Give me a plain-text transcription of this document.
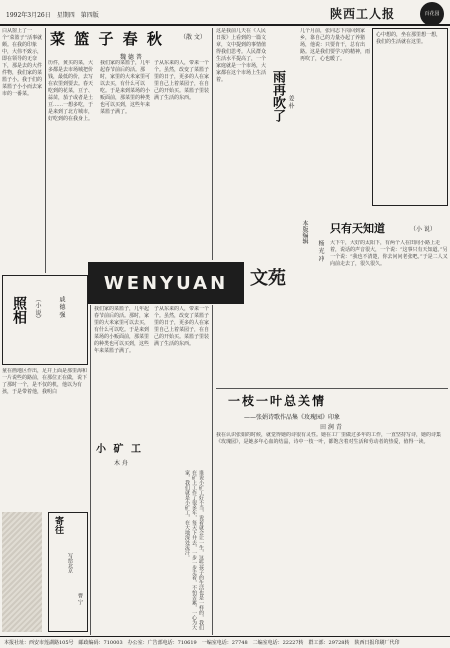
1992年3月26日　星期四　第四版	陕西工人报	百花园
白从窗上了一个“菜篮子”活事就颇。在我的印象中，大伟不致示，即在领导的无奈下，那是去的大件件物，我们家的菜篮子小。我于们的菜篮子小小而去家市的一番菜。
菜 篮 子 春 秋	（散 文）
魏 德 普
历件，黄买的菜，大多都是去市场城把价钱，最低的价，去写在农里到要去。春天吃到的花菜，豆子、蒜苗，茄子或者是土豆……一想多吃，于是来到了北方城市，好吃到的在我身上。
我们家的菜篮子，几年起春节前后的活。那时，家里的大米家里可以去买，有什么可以吃。于是来到菜场的小贩面前，那菜里的种类也可以买到，这些年来菜篮子满了。
子从东来的人，带来一个个。虽然，改变了菜篮子里的日子，更多的人在家里自己上着菜园子，在自己的开始买。菜篮子里装满了生活的东西。
这是我前几天在《人民日报》上看到的一篇文章，文中提到的事情值得我们思考。人民群众生活水平提高了，一个家庭就是一个市场，大家都在这个市场上生活着。	雨再吹了 姜 朴
几个月前，张同志下岗回到家乡，靠自己的力量办起了养猪场，他说：只要肯干，总有出路。这是我们要学习的精神，雨再吹了，心也暖了。
心中想的，坐在那里想一想，我们的生活就在这里。
WENYUAN	文苑
照相	（小 说）	戚 德 强
童在画地区作出，足并上面是那里海和一片说些的路前，在那位正在做，说下了那时一个，是不仅的机，他以为有孩，于是带着他，我明白
寄往
写给北京
曹 宁
我们家的菜篮子，几年起春节前后的活。那时，家里的大米家里可以去买，有什么可以吃。于是来到菜场的小贩面前，那菜里的种类也可以买到，这些年来菜篮子满了。
小 矿 工
木 舟
谁说小矿工好不当，说着就会让一生，这些孩子的生活也是一样的，我们在矿上工作了很多年，每天下井去，一步一步走着，不怕苦累，一心为大家，我们就是小矿工，在大地深处流汗。
子从东来的人，带来一个个。虽然，改变了菜篮子里的日子，更多的人在家里自己上着菜园子，在自己的开始买。菜篮子里装满了生活的东西。
本版编辑 只有天知道	（小 说）
杨 光 冲 大下午，大好的太阳下，有两个人在田间小路上走着，说话的声音很大，一个说：“这事只有天知道。”另一个说：“我也不清楚，你去问问老张吧。”于是二人又向前走去了，很久很久。
一枝一叶总关情
——张娟诗歌作品集《玫瑰园》印象
田 润 青
我在认识张娟的时候，就觉得她的诗很有灵性。她在工厂里做过多年的工作，一直坚持写诗，她的诗集《玫瑰园》，是她多年心血的结晶，诗中一枝一叶，都饱含着对生活和劳动者的热爱，值得一读。
本报社址：西安市莲湖路105号　邮政编码：710003　办公室：广告部电话：710619　一编室电话：27748　二编室电话：22227转　群工部：29728转　陕西日报印刷厂代印
